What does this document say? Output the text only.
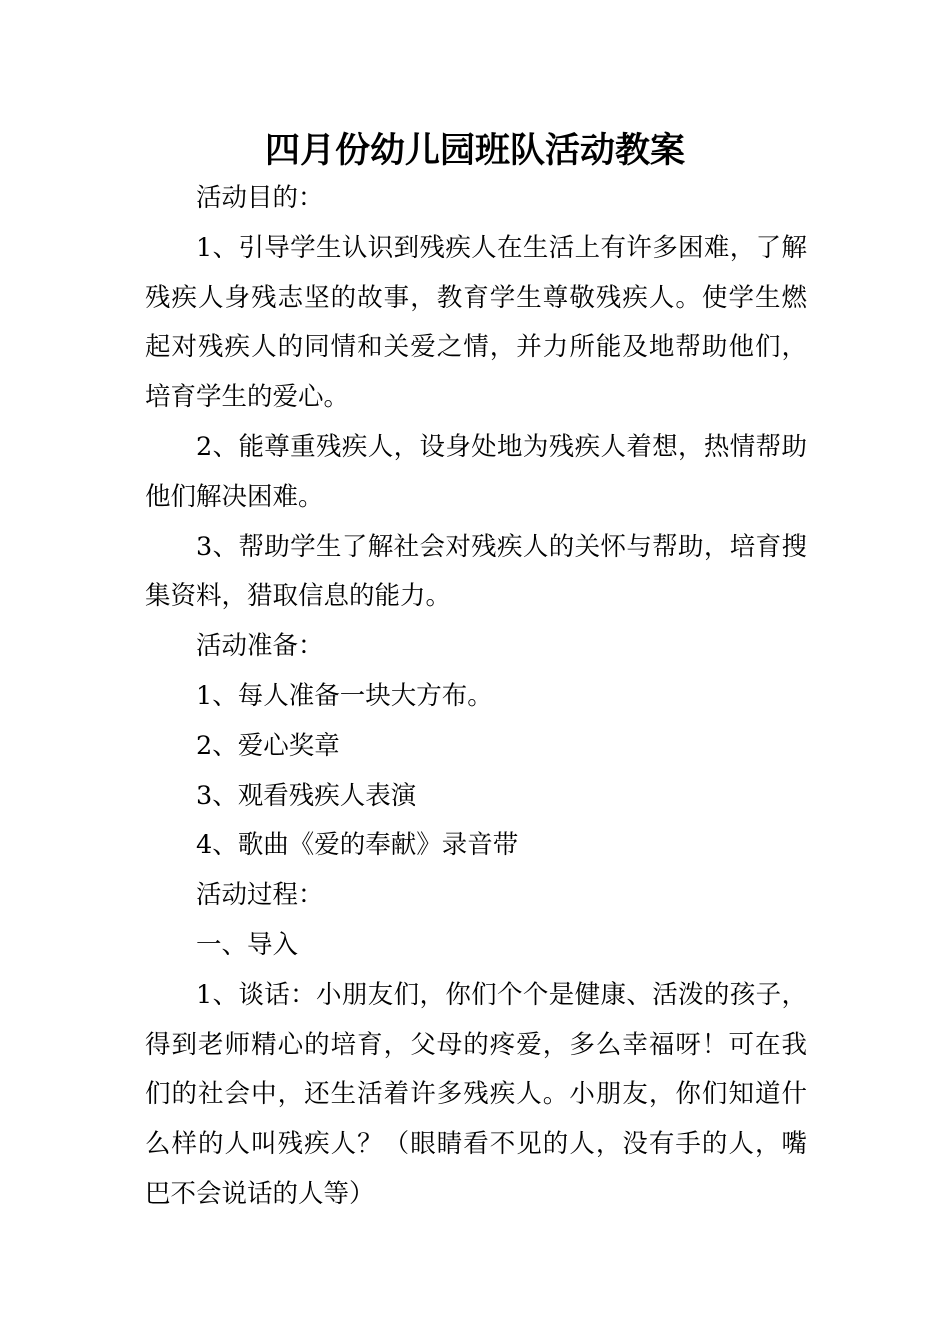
四月份幼儿园班队活动教案

活动目的：

1、引导学生认识到残疾人在生活上有许多困难，了解残疾人身残志坚的故事，教育学生尊敬残疾人。使学生燃起对残疾人的同情和关爱之情，并力所能及地帮助他们，培育学生的爱心。

2、能尊重残疾人，设身处地为残疾人着想，热情帮助他们解决困难。

3、帮助学生了解社会对残疾人的关怀与帮助，培育搜集资料，猎取信息的能力。

活动准备：

1、每人准备一块大方布。

2、爱心奖章

3、观看残疾人表演

4、歌曲《爱的奉献》录音带

活动过程：

一、导入

1、谈话：小朋友们，你们个个是健康、活泼的孩子，得到老师精心的培育，父母的疼爱，多么幸福呀！可在我们的社会中，还生活着许多残疾人。小朋友，你们知道什么样的人叫残疾人？（眼睛看不见的人，没有手的人，嘴巴不会说话的人等）
